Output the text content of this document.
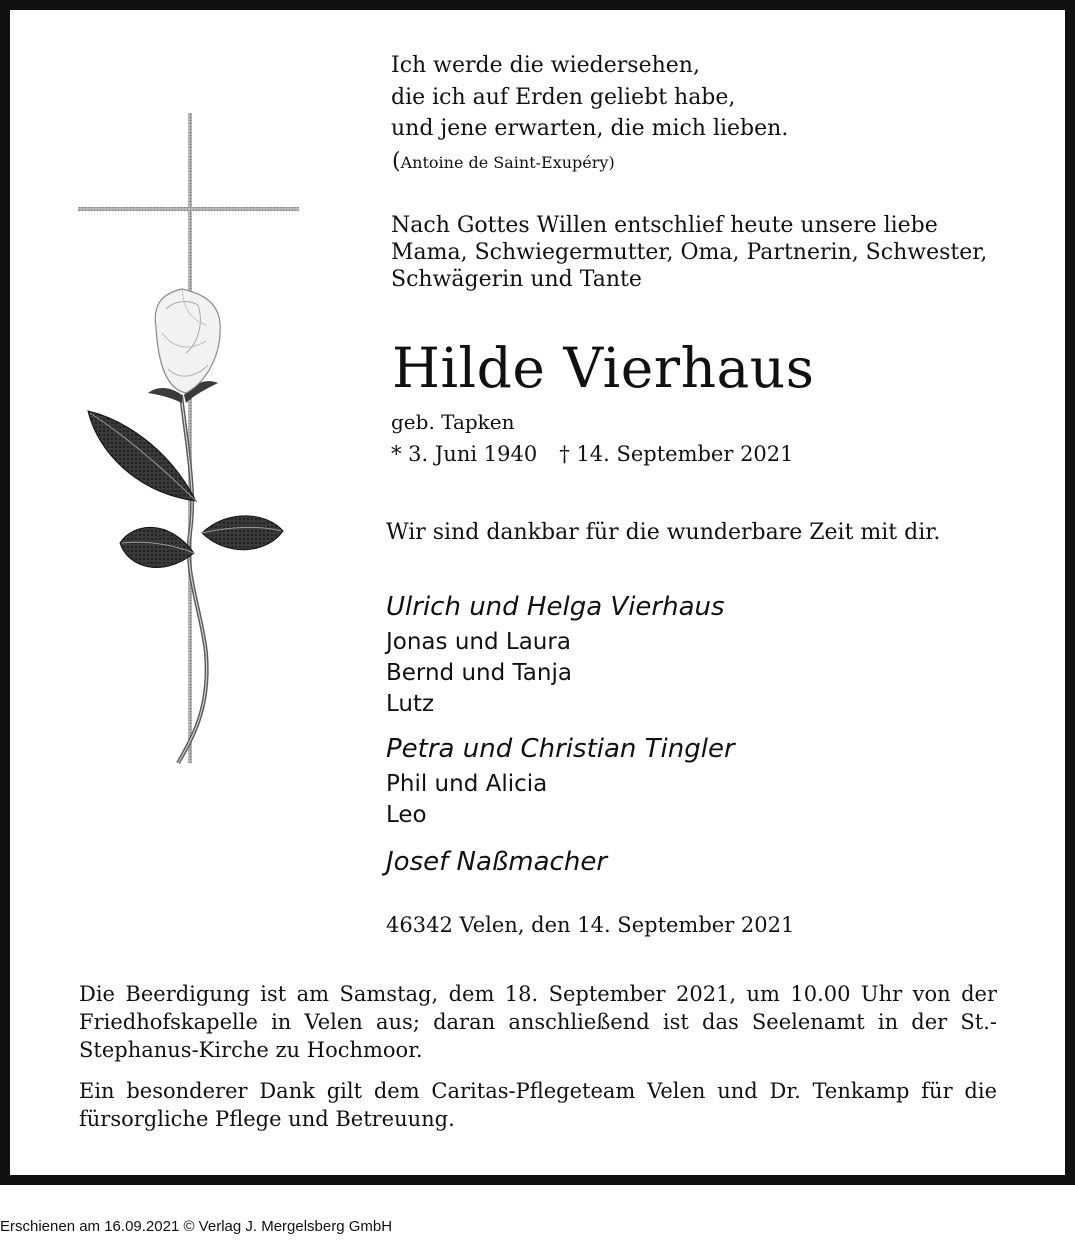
Ich werde die wiedersehen,
die ich auf Erden geliebt habe,
und jene erwarten, die mich lieben.
(Antoine de Saint-Exupéry)
Nach Gottes Willen entschlief heute unsere liebe
Mama, Schwiegermutter, Oma, Partnerin, Schwester,
Schwägerin und Tante
Hilde Vierhaus
geb. Tapken
* 3. Juni 1940 † 14. September 2021
Wir sind dankbar für die wunderbare Zeit mit dir.
Ulrich und Helga Vierhaus
Jonas und Laura
Bernd und Tanja
Lutz
Petra und Christian Tingler
Phil und Alicia
Leo
Josef Naßmacher
46342 Velen, den 14. September 2021
Die Beerdigung ist am Samstag, dem 18. September 2021, um 10.00 Uhr von der Friedhofskapelle in Velen aus; daran anschließend ist das Seelenamt in der St.-Stephanus-Kirche zu Hochmoor.
Ein besonderer Dank gilt dem Caritas-Pflegeteam Velen und Dr. Tenkamp für die fürsorgliche Pflege und Betreuung.
Erschienen am 16.09.2021 © Verlag J. Mergelsberg GmbH
